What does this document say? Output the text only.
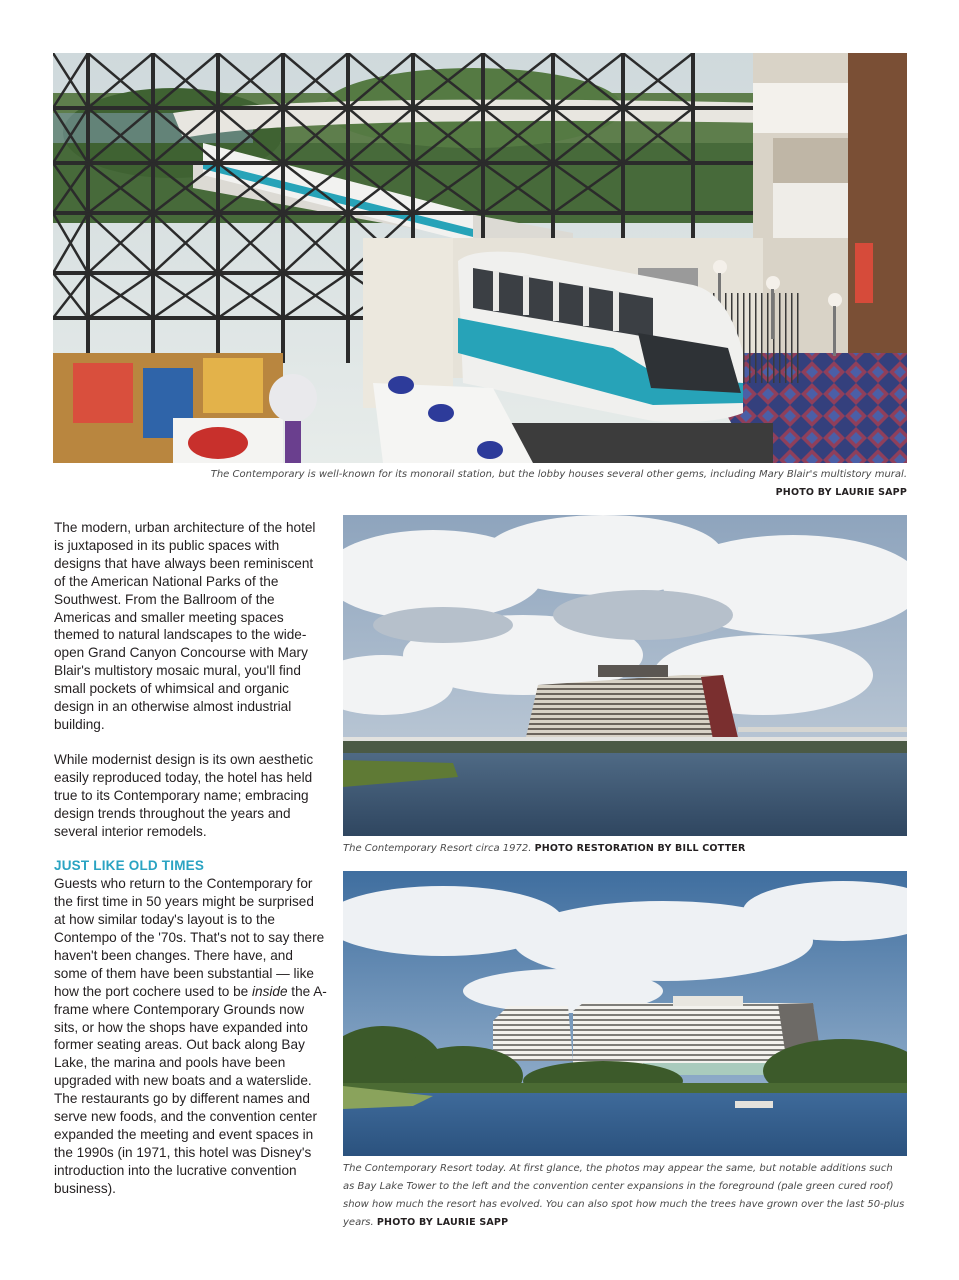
The Contemporary is well-known for its monorail station, but the lobby houses several other gems, including Mary Blair's multistory mural.
PHOTO BY LAURIE SAPP
The Contemporary Resort circa 1972. PHOTO RESTORATION BY BILL COTTER
The Contemporary Resort today. At first glance, the photos may appear the same, but notable additions such as Bay Lake Tower to the left and the convention center expansions in the foreground (pale green cured roof) show how much the resort has evolved. You can also spot how much the trees have grown over the last 50-plus years. PHOTO BY LAURIE SAPP

The modern, urban architecture of the hotel is juxtaposed in its public spaces with designs that have always been reminiscent of the American National Parks of the Southwest. From the Ballroom of the Americas and smaller meeting spaces themed to natural landscapes to the wide-open Grand Canyon Concourse with Mary Blair's multistory mosaic mural, you'll find small pockets of whimsical and organic design in an otherwise almost industrial building.

While modernist design is its own aesthetic easily reproduced today, the hotel has held true to its Contemporary name; embracing design trends throughout the years and several interior remodels.

JUST LIKE OLD TIMES

Guests who return to the Contemporary for the first time in 50 years might be surprised at how similar today's layout is to the Contempo of the '70s. That's not to say there haven't been changes. There have, and some of them have been substantial — like how the port cochere used to be inside the A-frame where Contemporary Grounds now sits, or how the shops have expanded into former seating areas. Out back along Bay Lake, the marina and pools have been upgraded with new boats and a waterslide. The restaurants go by different names and serve new foods, and the convention center expanded the meeting and event spaces in the 1990s (in 1971, this hotel was Disney's introduction into the lucrative convention business).
